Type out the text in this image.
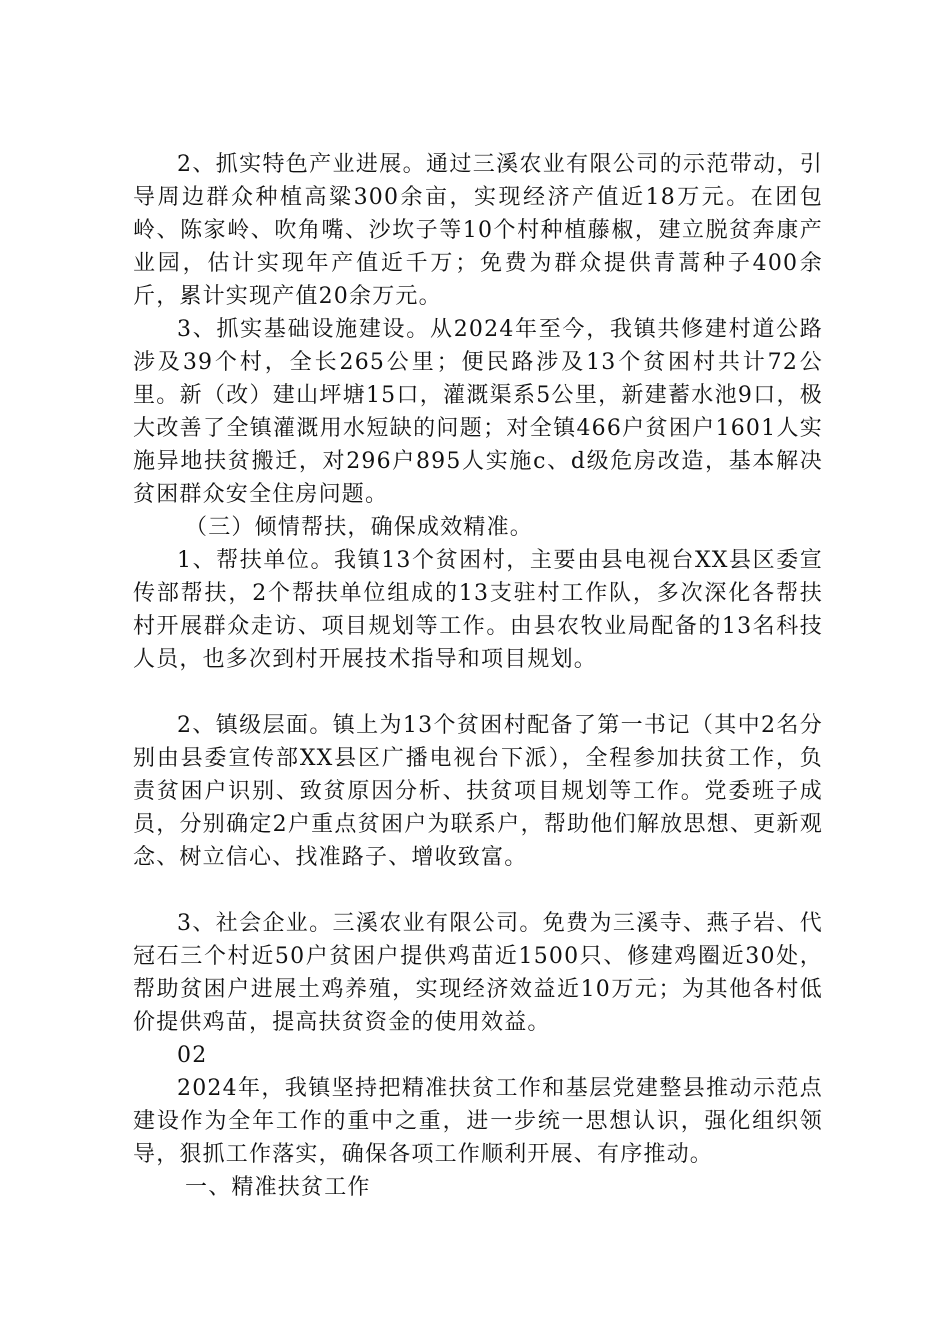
2、抓实特色产业进展。通过三溪农业有限公司的示范带动，引导周边群众种植高粱300余亩，实现经济产值近18万元。在团包岭、陈家岭、吹角嘴、沙坎子等10个村种植藤椒，建立脱贫奔康产业园，估计实现年产值近千万；免费为群众提供青蒿种子400余斤，累计实现产值20余万元。

3、抓实基础设施建设。从2024年至今，我镇共修建村道公路涉及39个村，全长265公里；便民路涉及13个贫困村共计72公里。新（改）建山坪塘15口，灌溉渠系5公里，新建蓄水池9口，极大改善了全镇灌溉用水短缺的问题；对全镇466户贫困户1601人实施异地扶贫搬迁，对296户895人实施c、d级危房改造，基本解决贫困群众安全住房问题。

（三）倾情帮扶，确保成效精准。

1、帮扶单位。我镇13个贫困村，主要由县电视台XX县区委宣传部帮扶，2个帮扶单位组成的13支驻村工作队，多次深化各帮扶村开展群众走访、项目规划等工作。由县农牧业局配备的13名科技人员，也多次到村开展技术指导和项目规划。

2、镇级层面。镇上为13个贫困村配备了第一书记（其中2名分别由县委宣传部XX县区广播电视台下派），全程参加扶贫工作，负责贫困户识别、致贫原因分析、扶贫项目规划等工作。党委班子成员，分别确定2户重点贫困户为联系户，帮助他们解放思想、更新观念、树立信心、找准路子、增收致富。

3、社会企业。三溪农业有限公司。免费为三溪寺、燕子岩、代冠石三个村近50户贫困户提供鸡苗近1500只、修建鸡圈近30处，帮助贫困户进展土鸡养殖，实现经济效益近10万元；为其他各村低价提供鸡苗，提高扶贫资金的使用效益。

02

2024年，我镇坚持把精准扶贫工作和基层党建整县推动示范点建设作为全年工作的重中之重，进一步统一思想认识，强化组织领导，狠抓工作落实，确保各项工作顺利开展、有序推动。

一、精准扶贫工作
